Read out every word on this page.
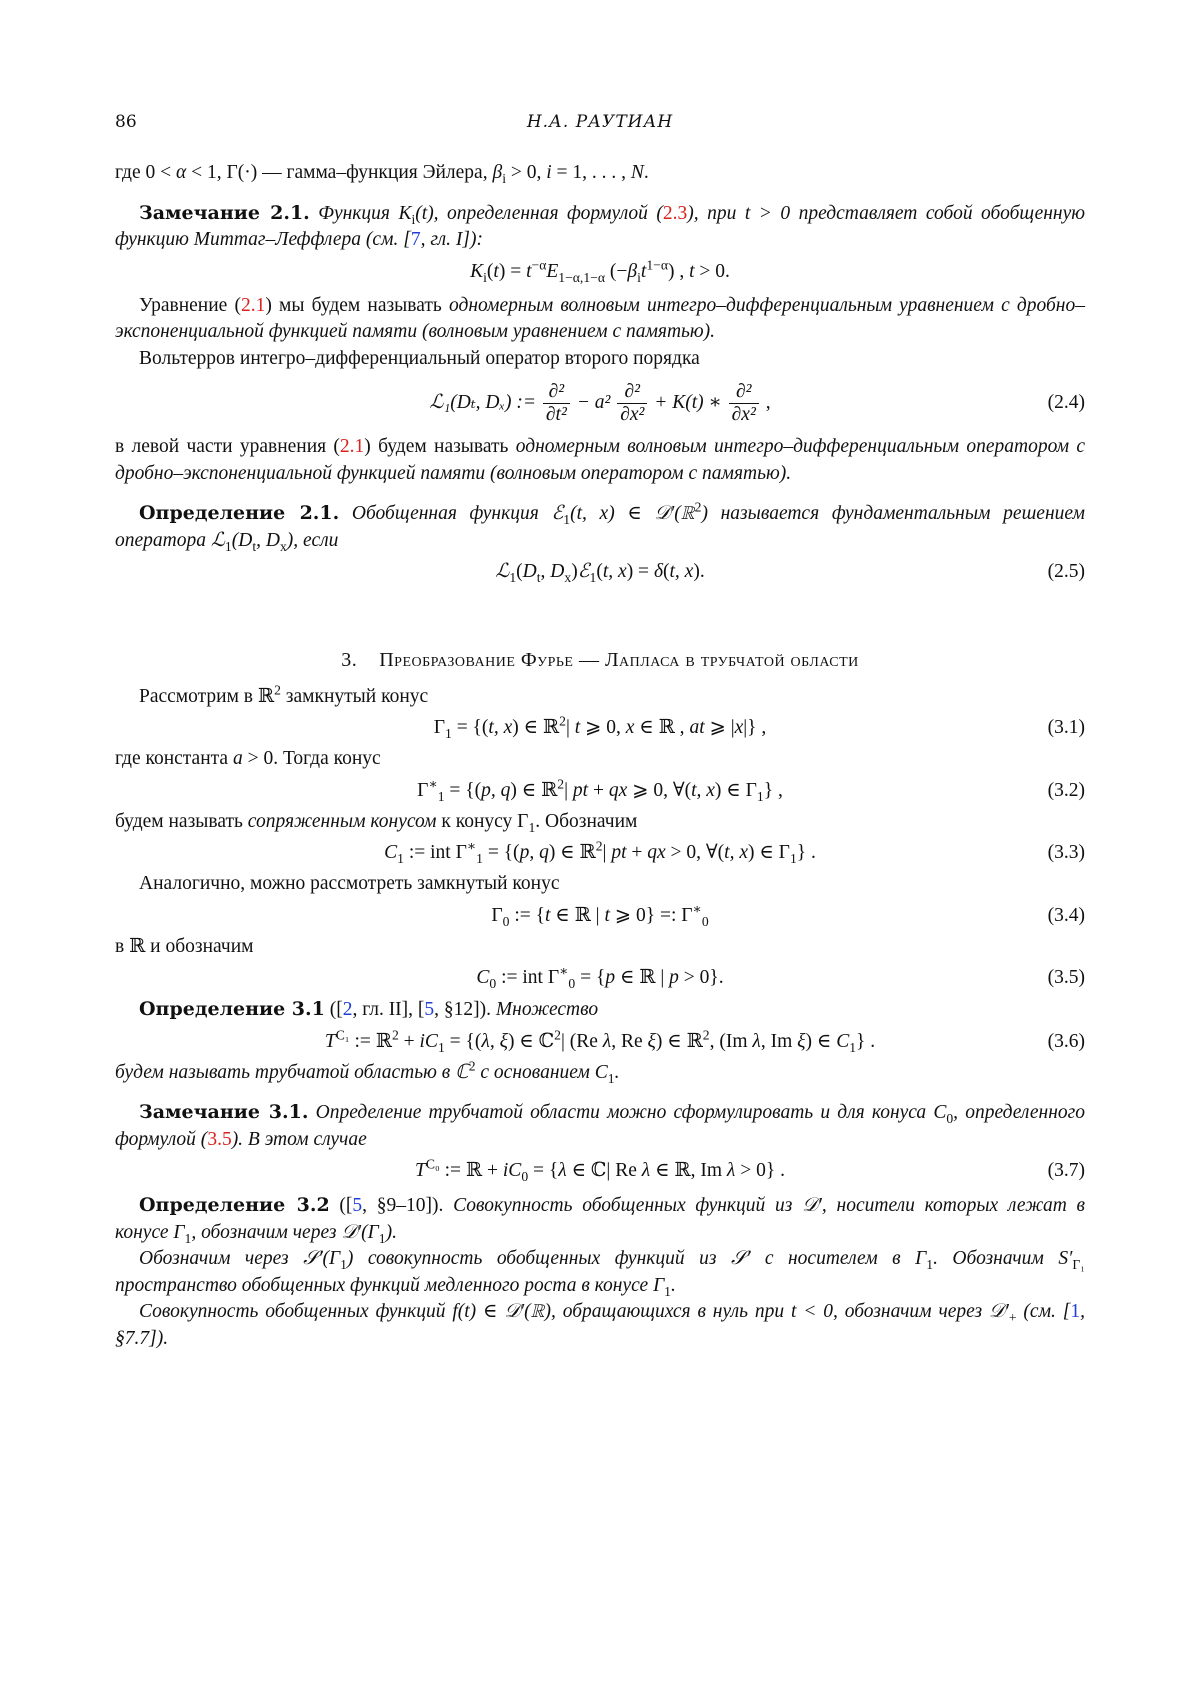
86	Н.А. РАУТИАН

где 0 < α < 1, Γ(·) — гамма–функция Эйлера, $\beta_i > 0$, i = 1, . . . , N.

Замечание 2.1. Функция $K_i(t)$, определенная формулой (2.3), при t > 0 представляет собой обобщенную функцию Миттаг–Леффлера (см. [7, гл. I]):

$K_i(t) = t^{-\alpha}E_{1-\alpha,1-\alpha}$ $(-\beta_it^{1-\alpha})$ , t > 0.

Уравнение (2.1) мы будем называть одномерным волновым интегро–дифференциальным уравнением с дробно–экспоненциальной функцией памяти (волновым уравнением с памятью).

Вольтерров интегро–дифференциальный оператор второго порядка

ℒ₁(Dₜ, Dₓ) := $\frac{\text{∂²}}{\text{∂t²}} - a^2 \frac{\text{∂²}}{\text{∂x²}} + K(t)$ ∗ $\frac{\text{∂²}}{\text{∂x²}}$ ,	(2.4)

в левой части уравнения (2.1) будем называть одномерным волновым интегро–дифференциальным оператором с дробно–экспоненциальной функцией памяти (волновым оператором с памятью).

Определение 2.1. Обобщенная функция ℰ$_1$(t, x) ∈ 𝒟′(ℝ$^2$) называется фундаментальным решением оператора $ℒ_1(D_t$, $D_x$), если

$ℒ_1(D_t$, $D_x)ℰ_1(t$, x) = δ(t, x).	(2.5)
3. Преобразование Фурье — Лапласа в трубчатой области

Рассмотрим в ℝ$^2$ замкнутый конус

$\Gamma_1 = \{(t$, x) ∈ ℝ$^2$| t ⩾ 0, x ∈ ℝ , at ⩾ |x|} ,	(3.1)

где константа a > 0. Тогда конус

$\Gamma^∗_1 = \{(p$, q) ∈ ℝ$^2$| pt + qx ⩾ 0, ∀(t, x) ∈ $\Gamma_1$} ,	(3.2)

будем называть сопряженным конусом к конусу $\Gamma_1$. Обозначим

$C_1$ := int $\Gamma^∗_1 = \{(p$, q) ∈ ℝ$^2$| pt + qx > 0, ∀(t, x) ∈ $\Gamma_1$} .	(3.3)

Аналогично, можно рассмотреть замкнутый конус

$\Gamma_0$ := {t ∈ ℝ | t ⩾ 0} =: $\Gamma^∗_0$	(3.4)

в ℝ и обозначим

$C_0$ := int $\Gamma^∗_0 = \{p$ ∈ ℝ | p > 0}.	(3.5)

Определение 3.1 ([2, гл. II], [5, §12]). Множество

$T^{C_1}$ := ℝ$^2$ + $iC_1 = \{(\lambda$, ξ) ∈ ℂ$^2$| (Re λ, Re ξ) ∈ ℝ$^2$, (Im λ, Im ξ) ∈ $C_1$} .	(3.6)

будем называть трубчатой областью в ℂ$^2$ с основанием $C_1$.

Замечание 3.1. Определение трубчатой области можно сформулировать и для конуса $C_0$, определенного формулой (3.5). В этом случае

$T^{C_0}$ := ℝ + $iC_0 = \{\lambda$ ∈ ℂ| Re λ ∈ ℝ, Im λ > 0} .	(3.7)

Определение 3.2 ([5, §9–10]). Совокупность обобщенных функций из 𝒟′, носители которых лежат в конусе $\Gamma_1$, обозначим через $𝒟'(\Gamma_1)$.

Обозначим через $𝒮'(\Gamma_1)$ совокупность обобщенных функций из 𝒮′ с носителем в $\Gamma_1$. Обозначим $S'_{\Gamma_1}$ пространство обобщенных функций медленного роста в конусе $\Gamma_1$.

Совокупность обобщенных функций f(t) ∈ 𝒟′(ℝ), обращающихся в нуль при t < 0, обозначим через $𝒟'_+$ (см. [1, §7.7]).
